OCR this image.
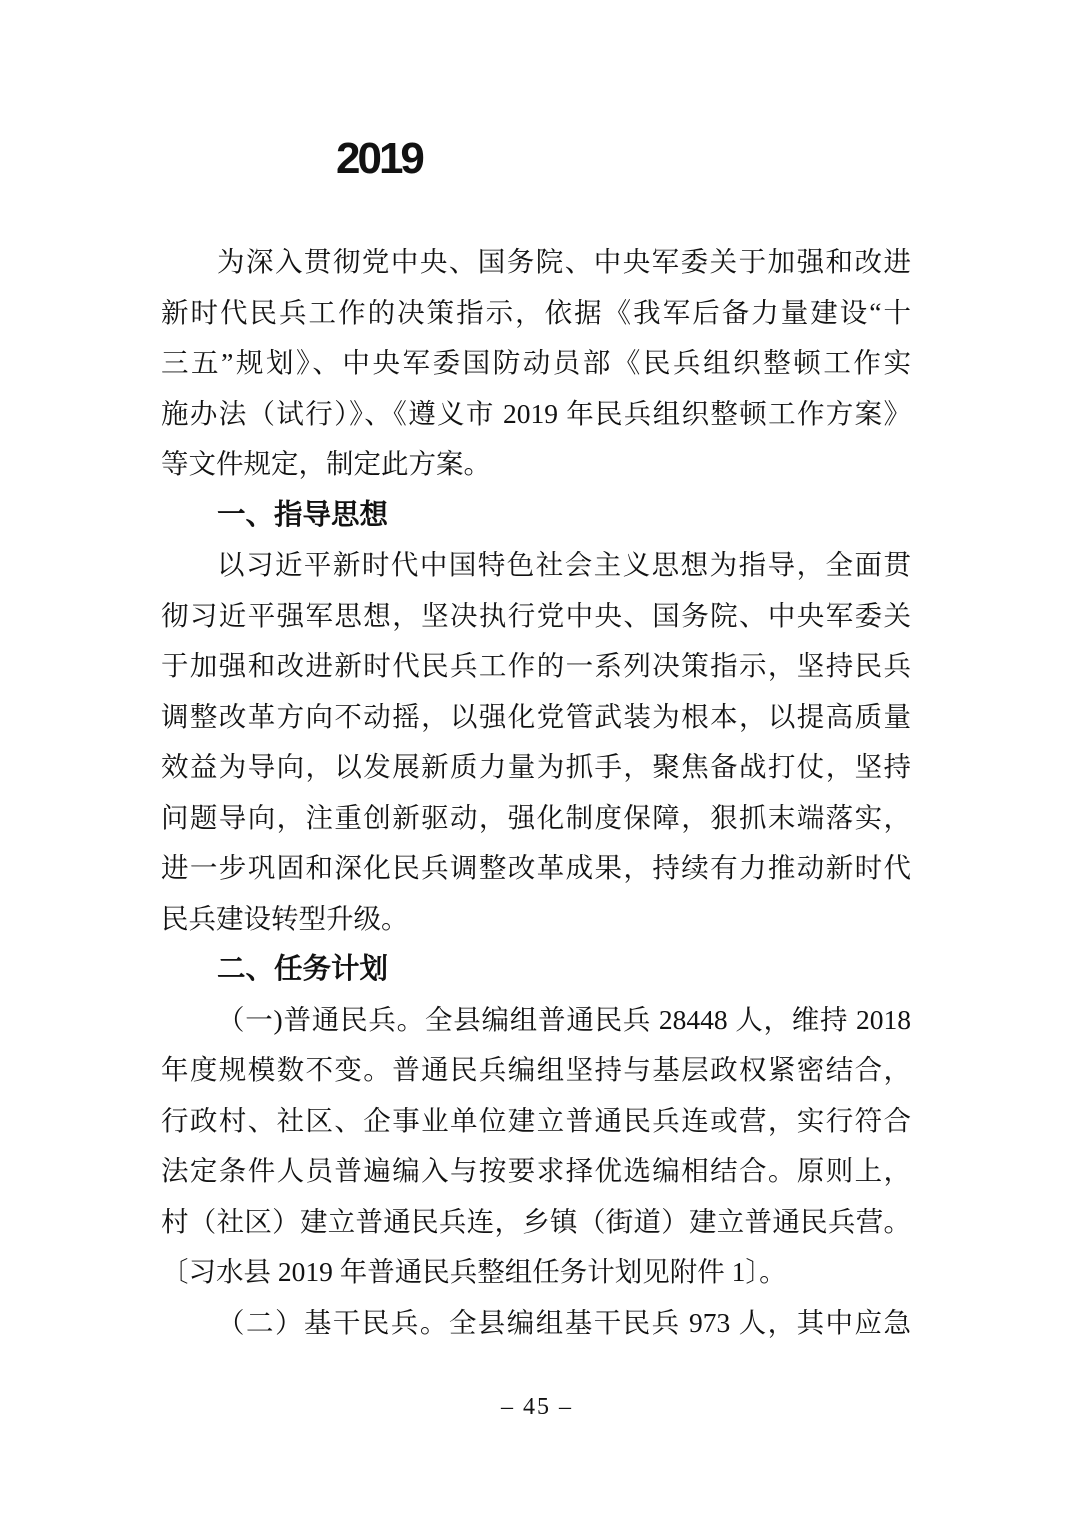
2019
为深入贯彻党中央、国务院、中央军委关于加强和改进
新时代民兵工作的决策指示，依据《我军后备力量建设“十
三五”规划》、中央军委国防动员部《民兵组织整顿工作实
施办法（试行）》、《遵义市 2019 年民兵组织整顿工作方案》
等文件规定，制定此方案。
一、指导思想
以习近平新时代中国特色社会主义思想为指导，全面贯
彻习近平强军思想，坚决执行党中央、国务院、中央军委关
于加强和改进新时代民兵工作的一系列决策指示，坚持民兵
调整改革方向不动摇，以强化党管武装为根本，以提高质量
效益为导向，以发展新质力量为抓手，聚焦备战打仗，坚持
问题导向，注重创新驱动，强化制度保障，狠抓末端落实，
进一步巩固和深化民兵调整改革成果，持续有力推动新时代
民兵建设转型升级。
二、任务计划
（一)普通民兵。全县编组普通民兵 28448 人，维持 2018
年度规模数不变。普通民兵编组坚持与基层政权紧密结合，
行政村、社区、企事业单位建立普通民兵连或营，实行符合
法定条件人员普遍编入与按要求择优选编相结合。原则上，
村（社区）建立普通民兵连，乡镇（街道）建立普通民兵营。
〔习水县 2019 年普通民兵整组任务计划见附件 1〕。
（二）基干民兵。全县编组基干民兵 973 人，其中应急
– 45 –
